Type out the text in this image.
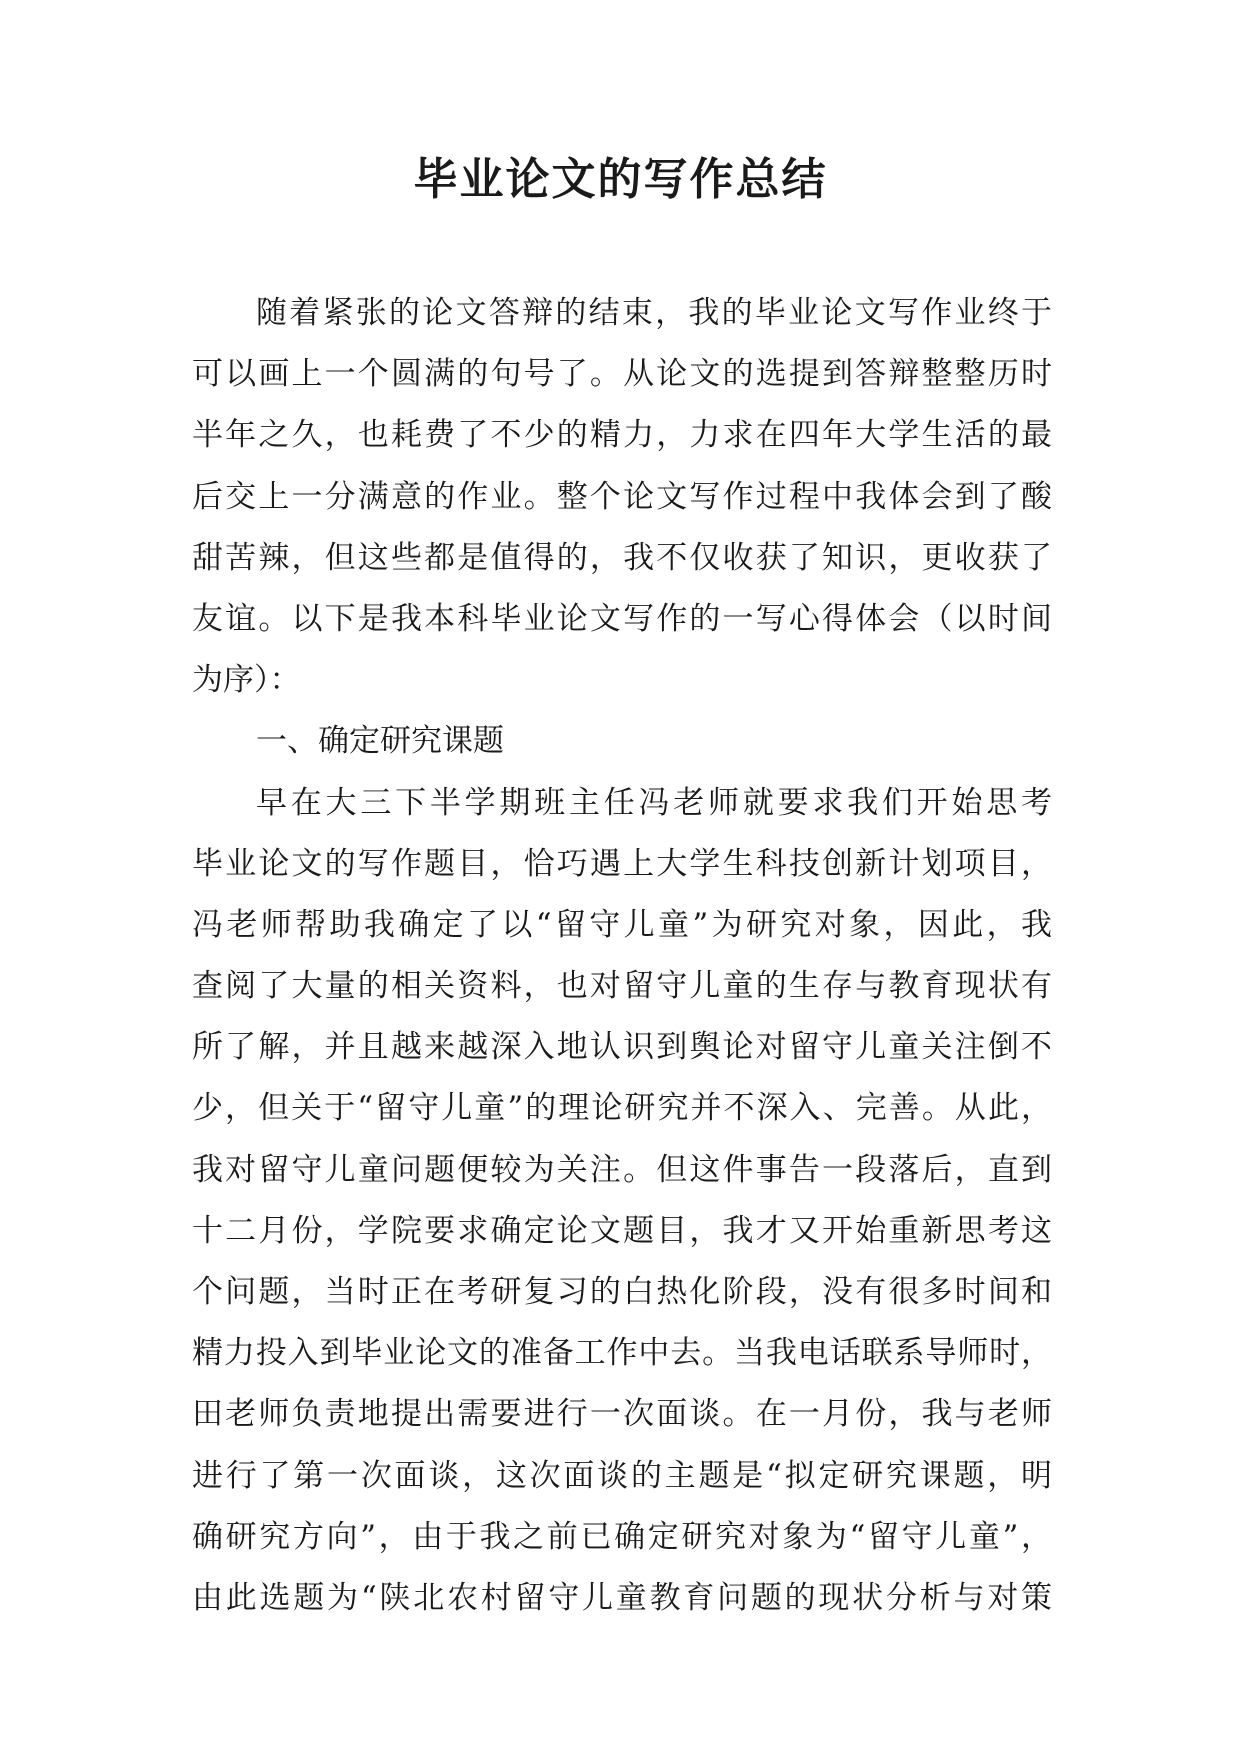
毕业论文的写作总结
随着紧张的论文答辩的结束，我的毕业论文写作业终于
可以画上一个圆满的句号了。从论文的选提到答辩整整历时
半年之久，也耗费了不少的精力，力求在四年大学生活的最
后交上一分满意的作业。整个论文写作过程中我体会到了酸
甜苦辣，但这些都是值得的，我不仅收获了知识，更收获了
友谊。以下是我本科毕业论文写作的一写心得体会（以时间
为序）：
一、确定研究课题
早在大三下半学期班主任冯老师就要求我们开始思考
毕业论文的写作题目，恰巧遇上大学生科技创新计划项目，
冯老师帮助我确定了以“留守儿童”为研究对象，因此，我
查阅了大量的相关资料，也对留守儿童的生存与教育现状有
所了解，并且越来越深入地认识到舆论对留守儿童关注倒不
少，但关于“留守儿童”的理论研究并不深入、完善。从此，
我对留守儿童问题便较为关注。但这件事告一段落后，直到
十二月份，学院要求确定论文题目，我才又开始重新思考这
个问题，当时正在考研复习的白热化阶段，没有很多时间和
精力投入到毕业论文的准备工作中去。当我电话联系导师时，
田老师负责地提出需要进行一次面谈。在一月份，我与老师
进行了第一次面谈，这次面谈的主题是“拟定研究课题，明
确研究方向”，由于我之前已确定研究对象为“留守儿童”，
由此选题为“陕北农村留守儿童教育问题的现状分析与对策
